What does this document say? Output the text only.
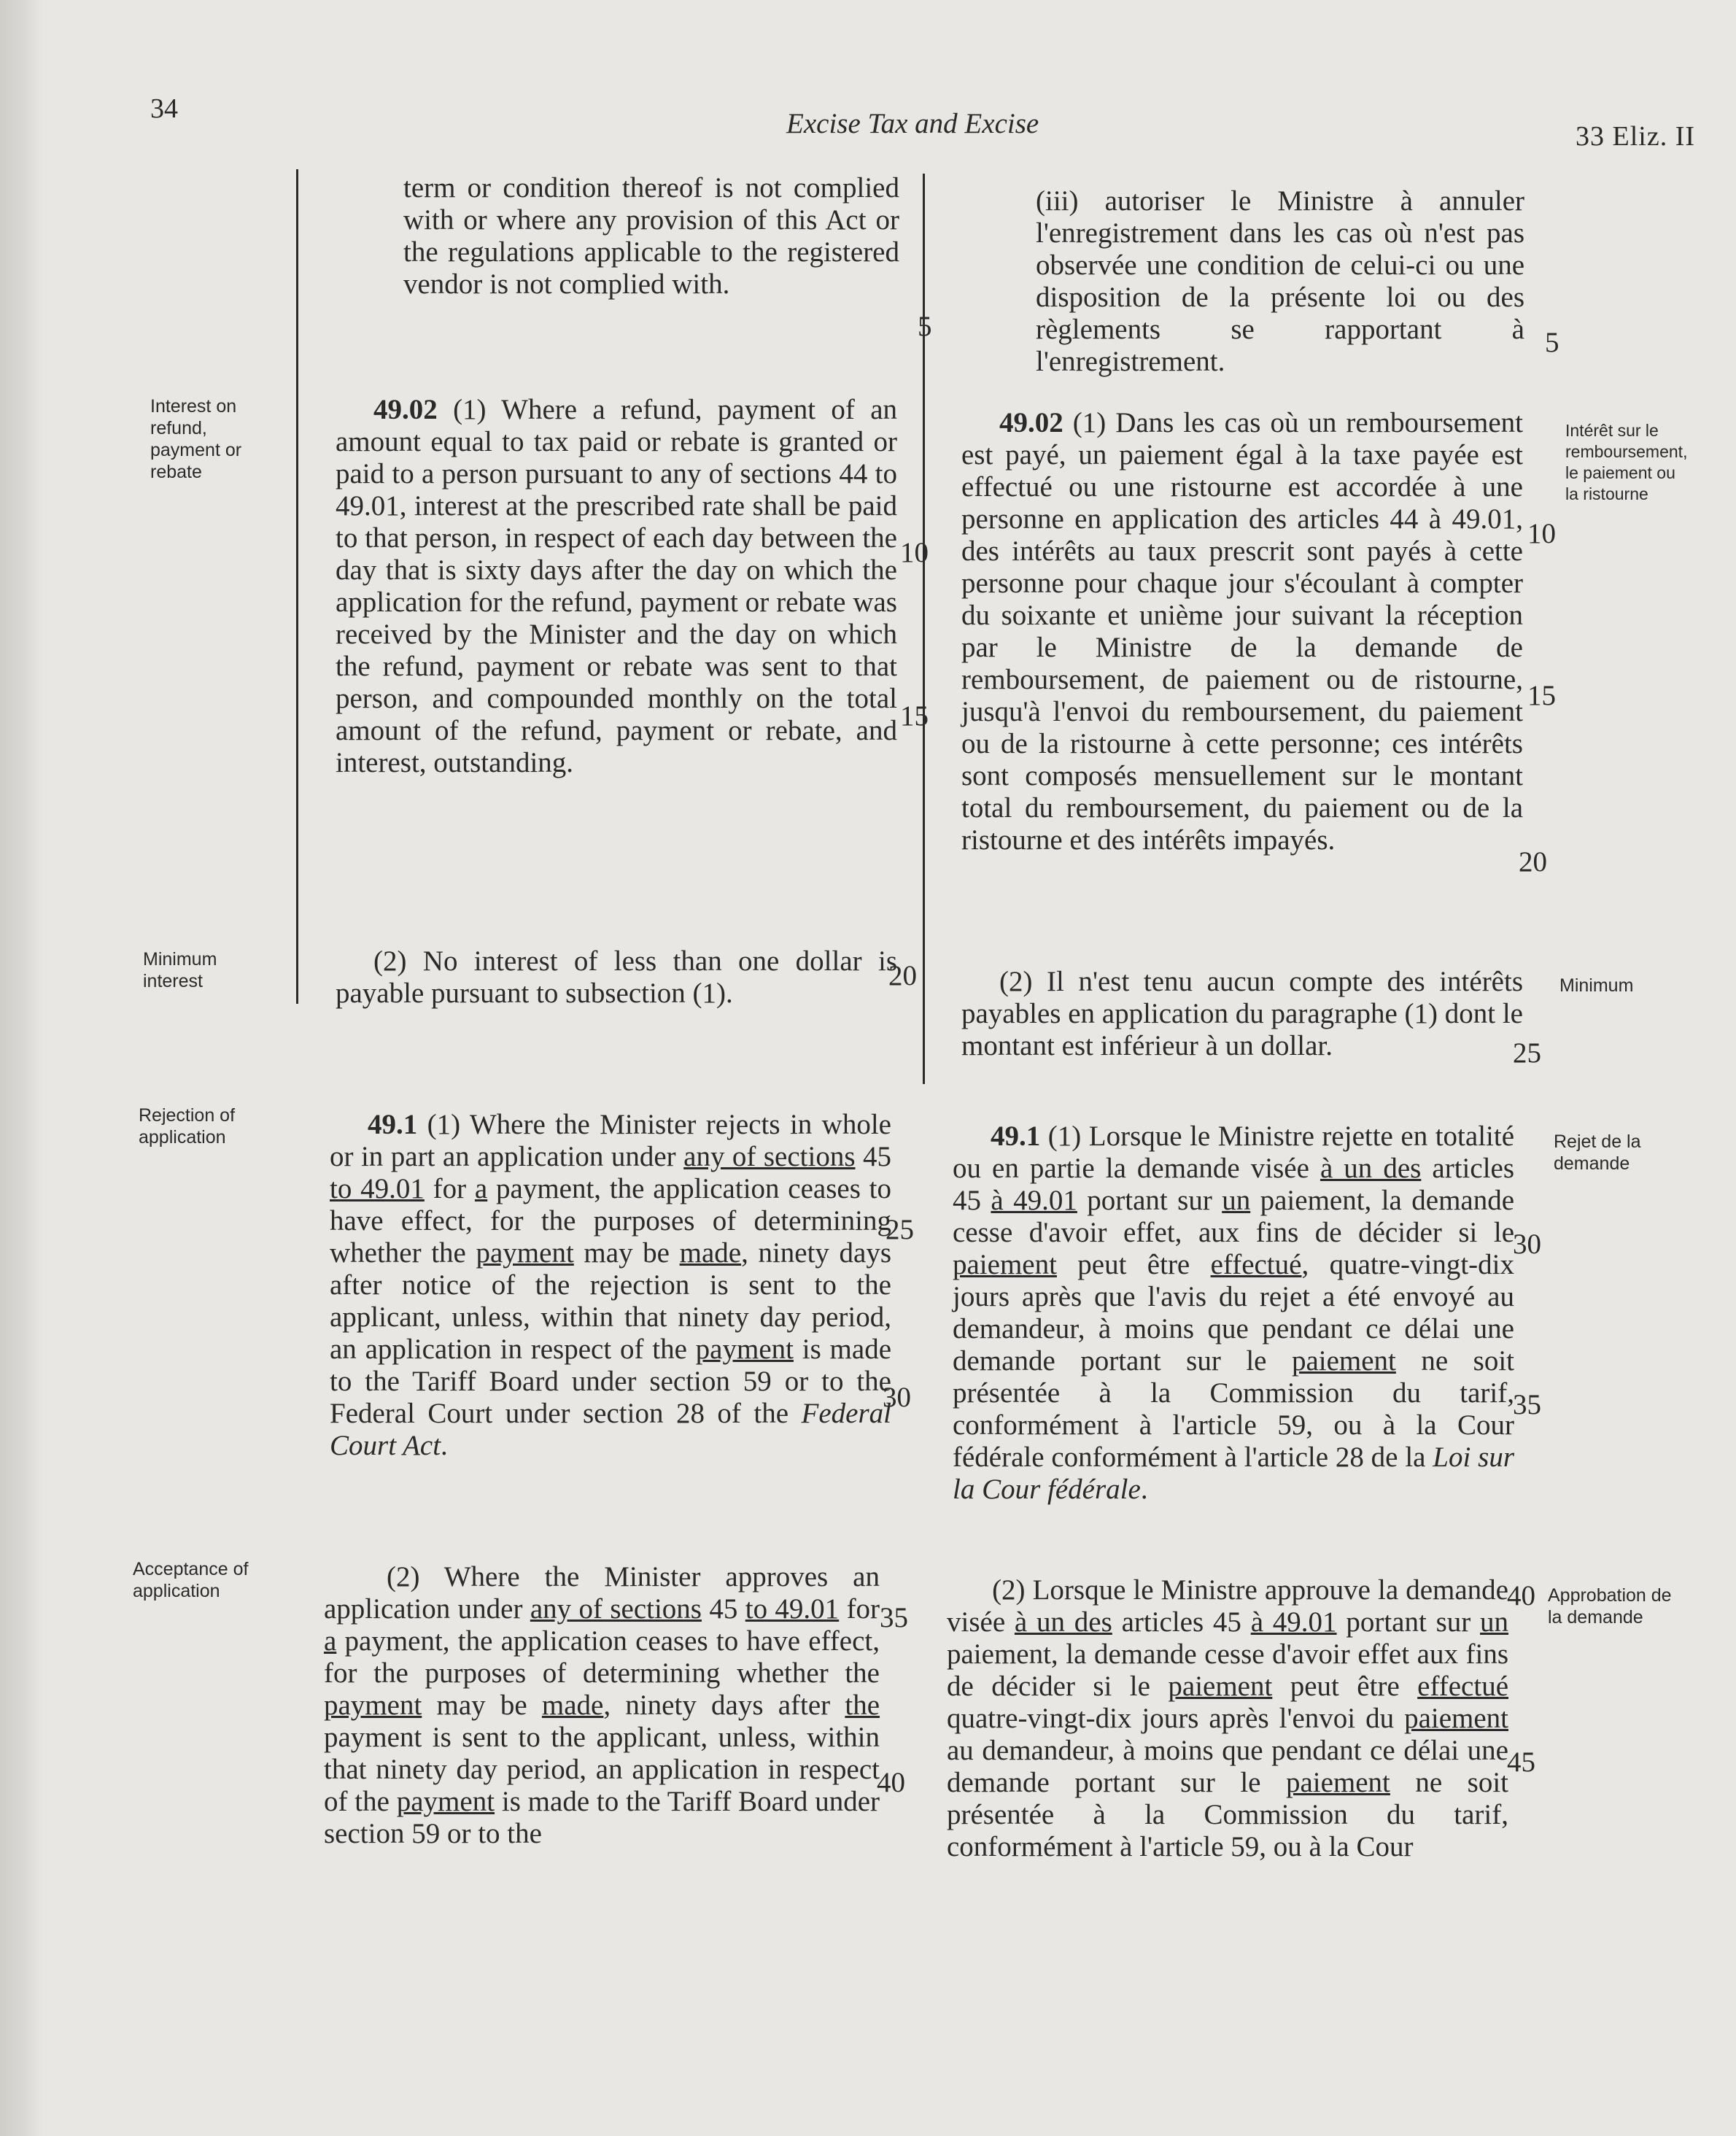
34	Excise Tax and Excise	33 Eliz. II

term or condition thereof is not complied with or where any provision of this Act or the regulations applicable to the registered vendor is not complied with.

49.02 (1) Where a refund, payment of an amount equal to tax paid or rebate is granted or paid to a person pursuant to any of sections 44 to 49.01, interest at the prescribed rate shall be paid to that person, in respect of each day between the day that is sixty days after the day on which the application for the refund, payment or rebate was received by the Minister and the day on which the refund, payment or rebate was sent to that person, and compounded monthly on the total amount of the refund, payment or rebate, and interest, outstanding.

(2) No interest of less than one dollar is payable pursuant to subsection (1).

49.1 (1) Where the Minister rejects in whole or in part an application under any of sections 45 to 49.01 for a payment, the application ceases to have effect, for the purposes of determining whether the payment may be made, ninety days after notice of the rejection is sent to the applicant, unless, within that ninety day period, an application in respect of the payment is made to the Tariff Board under section 59 or to the Federal Court under section 28 of the Federal Court Act.

(2) Where the Minister approves an application under any of sections 45 to 49.01 for a payment, the application ceases to have effect, for the purposes of determining whether the payment may be made, ninety days after the payment is sent to the applicant, unless, within that ninety day period, an application in respect of the payment is made to the Tariff Board under section 59 or to the

(iii) autoriser le Ministre à annuler l'enregistrement dans les cas où n'est pas observée une condition de celui-ci ou une disposition de la présente loi ou des règlements se rapportant à l'enregistrement.

49.02 (1) Dans les cas où un remboursement est payé, un paiement égal à la taxe payée est effectué ou une ristourne est accordée à une personne en application des articles 44 à 49.01, des intérêts au taux prescrit sont payés à cette personne pour chaque jour s'écoulant à compter du soixante et unième jour suivant la réception par le Ministre de la demande de remboursement, de paiement ou de ristourne, jusqu'à l'envoi du remboursement, du paiement ou de la ristourne à cette personne; ces intérêts sont composés mensuellement sur le montant total du remboursement, du paiement ou de la ristourne et des intérêts impayés.

(2) Il n'est tenu aucun compte des intérêts payables en application du paragraphe (1) dont le montant est inférieur à un dollar.

49.1 (1) Lorsque le Ministre rejette en totalité ou en partie la demande visée à un des articles 45 à 49.01 portant sur un paiement, la demande cesse d'avoir effet, aux fins de décider si le paiement peut être effectué, quatre-vingt-dix jours après que l'avis du rejet a été envoyé au demandeur, à moins que pendant ce délai une demande portant sur le paiement ne soit présentée à la Commission du tarif, conformément à l'article 59, ou à la Cour fédérale conformément à l'article 28 de la Loi sur la Cour fédérale.

(2) Lorsque le Ministre approuve la demande visée à un des articles 45 à 49.01 portant sur un paiement, la demande cesse d'avoir effet aux fins de décider si le paiement peut être effectué quatre-vingt-dix jours après l'envoi du paiement au demandeur, à moins que pendant ce délai une demande portant sur le paiement ne soit présentée à la Commission du tarif, conformément à l'article 59, ou à la Cour

Interest on
refund,
payment or
rebate
Minimum
interest
Rejection of
application
Acceptance of
application
Intérêt sur le
remboursement,
le paiement ou
la ristourne
Minimum
Rejet de la
demande
Approbation de
la demande
5
10
15
20
25
30
35
40
5
10
15
20
25
30
35
40
45
